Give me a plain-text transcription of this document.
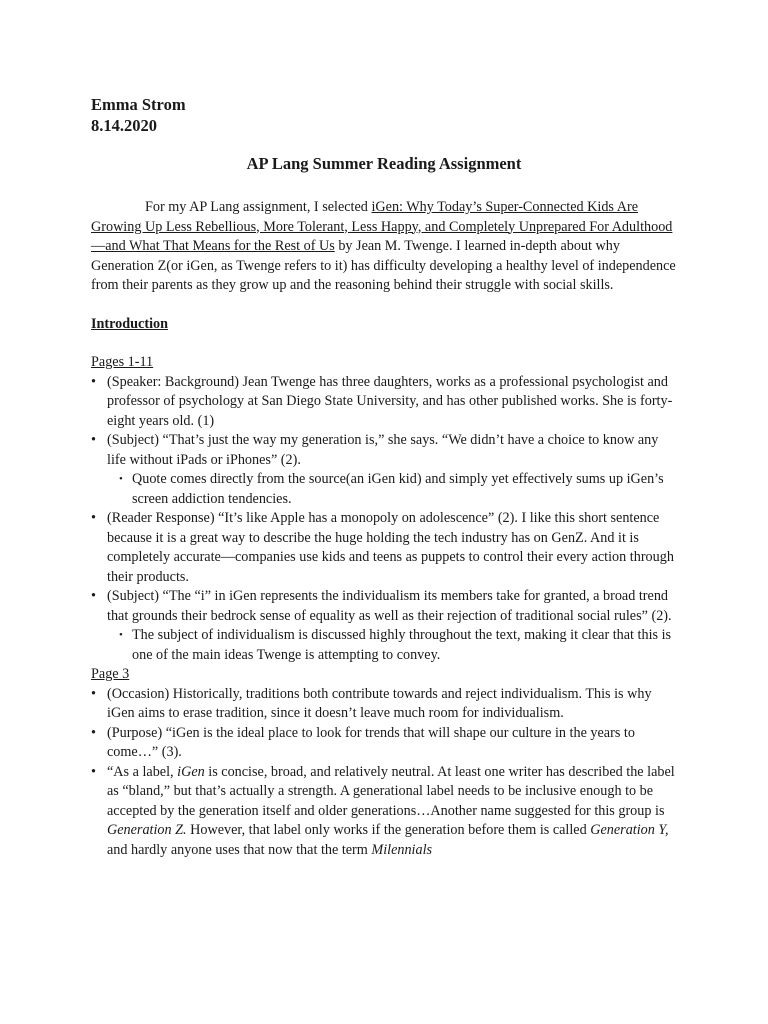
Emma Strom
8.14.2020
AP Lang Summer Reading Assignment

For my AP Lang assignment, I selected iGen: Why Today’s Super-Connected Kids Are Growing Up Less Rebellious, More Tolerant, Less Happy, and Completely Unprepared For Adulthood—and What That Means for the Rest of Us by Jean M. Twenge. I learned in-depth about why Generation Z(or iGen, as Twenge refers to it) has difficulty developing a healthy level of independence from their parents as they grow up and the reasoning behind their struggle with social skills.

Introduction
Pages 1-11
• (Speaker: Background) Jean Twenge has three daughters, works as a professional psychologist and professor of psychology at San Diego State University, and has other published works. She is forty-eight years old. (1)
• (Subject) “That’s just the way my generation is,” she says. “We didn’t have a choice to know any life without iPads or iPhones” (2).
• Quote comes directly from the source(an iGen kid) and simply yet effectively sums up iGen’s screen addiction tendencies.
• (Reader Response) “It’s like Apple has a monopoly on adolescence” (2). I like this short sentence because it is a great way to describe the huge holding the tech industry has on GenZ. And it is completely accurate—companies use kids and teens as puppets to control their every action through their products.
• (Subject) “The “i” in iGen represents the individualism its members take for granted, a broad trend that grounds their bedrock sense of equality as well as their rejection of traditional social rules” (2).
• The subject of individualism is discussed highly throughout the text, making it clear that this is one of the main ideas Twenge is attempting to convey.
Page 3
• (Occasion) Historically, traditions both contribute towards and reject individualism. This is why iGen aims to erase tradition, since it doesn’t leave much room for individualism.
• (Purpose) “iGen is the ideal place to look for trends that will shape our culture in the years to come…” (3).
• “As a label, iGen is concise, broad, and relatively neutral. At least one writer has described the label as “bland,” but that’s actually a strength. A generational label needs to be inclusive enough to be accepted by the generation itself and older generations…Another name suggested for this group is Generation Z. However, that label only works if the generation before them is called Generation Y, and hardly anyone uses that now that the term Milennials
